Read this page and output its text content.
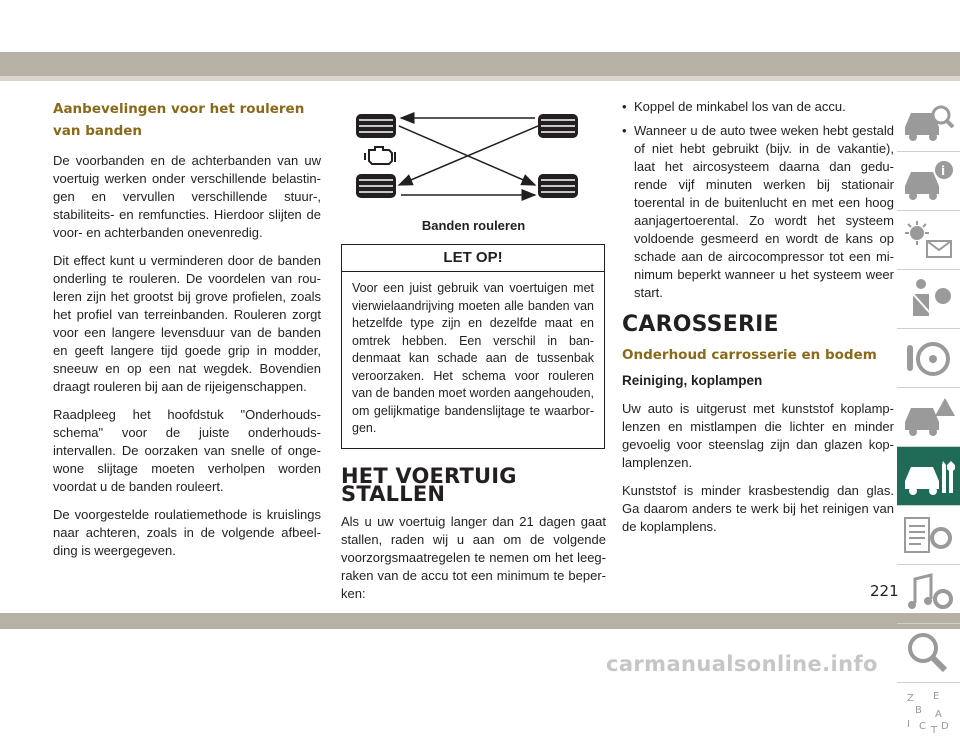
Aanbevelingen voor het rouleren van banden

De voorbanden en de achterbanden van uw voertuig werken onder verschillende belastin-gen en vervullen verschillende stuur-, stabiliteits- en remfuncties. Hierdoor slijten de voor- en achterbanden onevenredig.

Dit effect kunt u verminderen door de banden onderling te rouleren. De voordelen van rou-leren zijn het grootst bij grove profielen, zoals het profiel van terreinbanden. Rouleren zorgt voor een langere levensduur van de banden en geeft langere tijd goede grip in modder, sneeuw en op een nat wegdek. Bovendien draagt rouleren bij aan de rijeigenschappen.

Raadpleeg het hoofdstuk "Onderhouds-schema" voor de juiste onderhouds-intervallen. De oorzaken van snelle of onge-wone slijtage moeten verholpen worden voordat u de banden rouleert.

De voorgestelde roulatiemethode is kruislings naar achteren, zoals in de volgende afbeel-ding is weergegeven.

Banden rouleren
LET OP!
Voor een juist gebruik van voertuigen met vierwielaandrijving moeten alle banden van hetzelfde type zijn en dezelfde maat en omtrek hebben. Een verschil in ban-denmaat kan schade aan de tussenbak veroorzaken. Het schema voor rouleren van de banden moet worden aangehouden, om gelijkmatige bandenslijtage te waarbor-gen.
HET VOERTUIG STALLEN

Als u uw voertuig langer dan 21 dagen gaat stallen, raden wij u aan om de volgende voorzorgsmaatregelen te nemen om het leeg-raken van de accu tot een minimum te beper-ken:

• Koppel de minkabel los van de accu.
• Wanneer u de auto twee weken hebt gestald of niet hebt gebruikt (bijv. in de vakantie), laat het aircosysteem daarna dan gedu-rende vijf minuten werken bij stationair toerental in de buitenlucht en met een hoog aanjagertoerental. Zo wordt het systeem voldoende gesmeerd en wordt de kans op schade aan de aircocompressor tot een mi-nimum beperkt wanneer u het systeem weer start.
CAROSSERIE
Onderhoud carrosserie en bodem
Reiniging, koplampen

Uw auto is uitgerust met kunststof koplamp-lenzen en mistlampen die lichter en minder gevoelig voor steenslag zijn dan glazen kop-lamplenzen.

Kunststof is minder krasbestendig dan glas. Ga daarom anders te werk bij het reinigen van de koplamplens.

i
Z E
B A
I C T D
221
carmanualsonline.info
